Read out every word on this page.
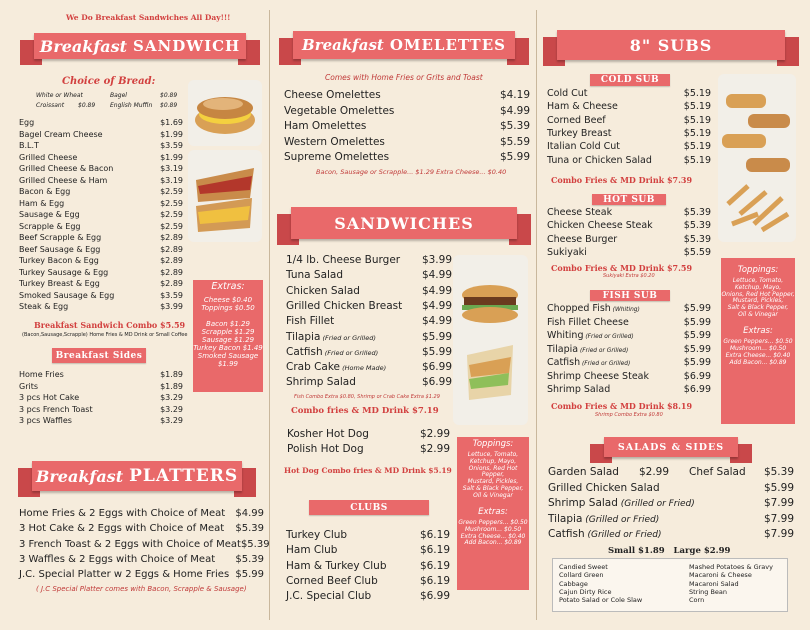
We Do Breakfast Sandwiches All Day!!!
Breakfast SANDWICH
Choice of Bread:
White or Wheat	Bagel	$0.89
Croissant $0.89 English Muffin $0.89
Egg	$1.69
Bagel Cream Cheese	$1.99
B.L.T	$3.59
Grilled Cheese	$1.99
Grilled Cheese & Bacon	$3.19
Grilled Cheese & Ham	$3.19
Bacon & Egg	$2.59
Ham & Egg	$2.59
Sausage & Egg	$2.59
Scrapple & Egg	$2.59
Beef Scrapple & Egg	$2.89
Beef Sausage & Egg	$2.89
Turkey Bacon & Egg	$2.89
Turkey Sausage & Egg	$2.89
Turkey Breast & Egg	$2.89
Smoked Sausage & Egg	$3.59
Steak & Egg	$3.99
Extras:
Cheese $0.40
Toppings $0.50
Bacon $1.29
Scrapple $1.29
Sausage $1.29
Turkey Bacon $1.49
Smoked Sausage $1.99
Breakfast Sandwich Combo $5.59
(Bacon,Sausage,Scrapple) Home Fries & MD Drink or Small Coffee
Breakfast Sides
Home Fries	$1.89
Grits	$1.89
3 pcs Hot Cake	$3.29
3 pcs French Toast	$3.29
3 pcs Waffles	$3.29
Breakfast PLATTERS
Home Fries & 2 Eggs with Choice of Meat $4.99
3 Hot Cake & 2 Eggs with Choice of Meat $5.39
3 French Toast & 2 Eggs with Choice of Meat $5.39
3 Waffles & 2 Eggs with Choice of Meat $5.39
J.C. Special Platter w 2 Eggs & Home Fries $5.99
( J.C Special Platter comes with Bacon, Scrapple & Sausage)
Breakfast OMELETTES
Comes with Home Fries or Grits and Toast
Cheese Omelettes	$4.19
Vegetable Omelettes	$4.99
Ham Omelettes	$5.39
Western Omelettes	$5.59
Supreme Omelettes	$5.99
Bacon, Sausage or Scrapple... $1.29 Extra Cheese... $0.40
SANDWICHES
1/4 lb. Cheese Burger $3.99
Tuna Salad	$4.99
Chicken Salad	$4.99
Grilled Chicken Breast $4.99
Fish Fillet	$4.99
Tilapia (Fried or Grilled)	$5.99
Catfish (Fried or Grilled)	$5.99
Crab Cake (Home Made)	$6.99
Shrimp Salad	$6.99
Fish Combo Extra $0.80, Shrimp or Crab Cake Extra $1.29
Combo fries & MD Drink $7.19
Kosher Hot Dog	$2.99
Polish Hot Dog	$2.99
Hot Dog Combo fries & MD Drink $5.19
Toppings:
Lettuce, Tomato,
Ketchup, Mayo,
Onions, Red Hot Pepper,
Mustard, Pickles,
Salt & Black Pepper,
Oil & Vinegar
Extras:
Green Peppers... $0.50
Mushroom... $0.50
Extra Cheese... $0.40
Add Bacon... $0.89
CLUBS
Turkey Club	$6.19
Ham Club	$6.19
Ham & Turkey Club	$6.19
Corned Beef Club	$6.19
J.C. Special Club	$6.99
8" SUBS
COLD SUB
Cold Cut	$5.19
Ham & Cheese	$5.19
Corned Beef	$5.19
Turkey Breast	$5.19
Italian Cold Cut	$5.19
Tuna or Chicken Salad	$5.19
Combo Fries & MD Drink $7.39
HOT SUB
Cheese Steak	$5.39
Chicken Cheese Steak	$5.39
Cheese Burger	$5.39
Sukiyaki	$5.59
Combo Fries & MD Drink $7.59
Sukiyaki Extra $0.20
FISH SUB
Chopped Fish (Whiting)	$5.99
Fish Fillet Cheese	$5.99
Whiting (Fried or Grilled)	$5.99
Tilapia (Fried or Grilled)	$5.99
Catfish (Fried or Grilled)	$5.99
Shrimp Cheese Steak	$6.99
Shrimp Salad	$6.99
Combo Fries & MD Drink $8.19
Shrimp Combo Extra $0.80
Toppings:
Lettuce, Tomato,
Ketchup, Mayo,
Onions, Red Hot Pepper,
Mustard, Pickles,
Salt & Black Pepper,
Oil & Vinegar
Extras:
Green Peppers... $0.50
Mushroom... $0.50
Extra Cheese... $0.40
Add Bacon... $0.89
SALADS & SIDES
Garden Salad      $2.99      Chef Salad $5.39
Grilled Chicken Salad	$5.99
Shrimp Salad (Grilled or Fried)	$7.99
Tilapia (Grilled or Fried)	$7.99
Catfish (Grilled or Fried)	$7.99
Small $1.89   Large $2.99
Candied Sweet
Collard Green
Cabbage
Cajun Dirty Rice
Potato Salad or Cole Slaw
Mashed Potatoes & Gravy
Macaroni & Cheese
Macaroni Salad
String Bean
Corn
